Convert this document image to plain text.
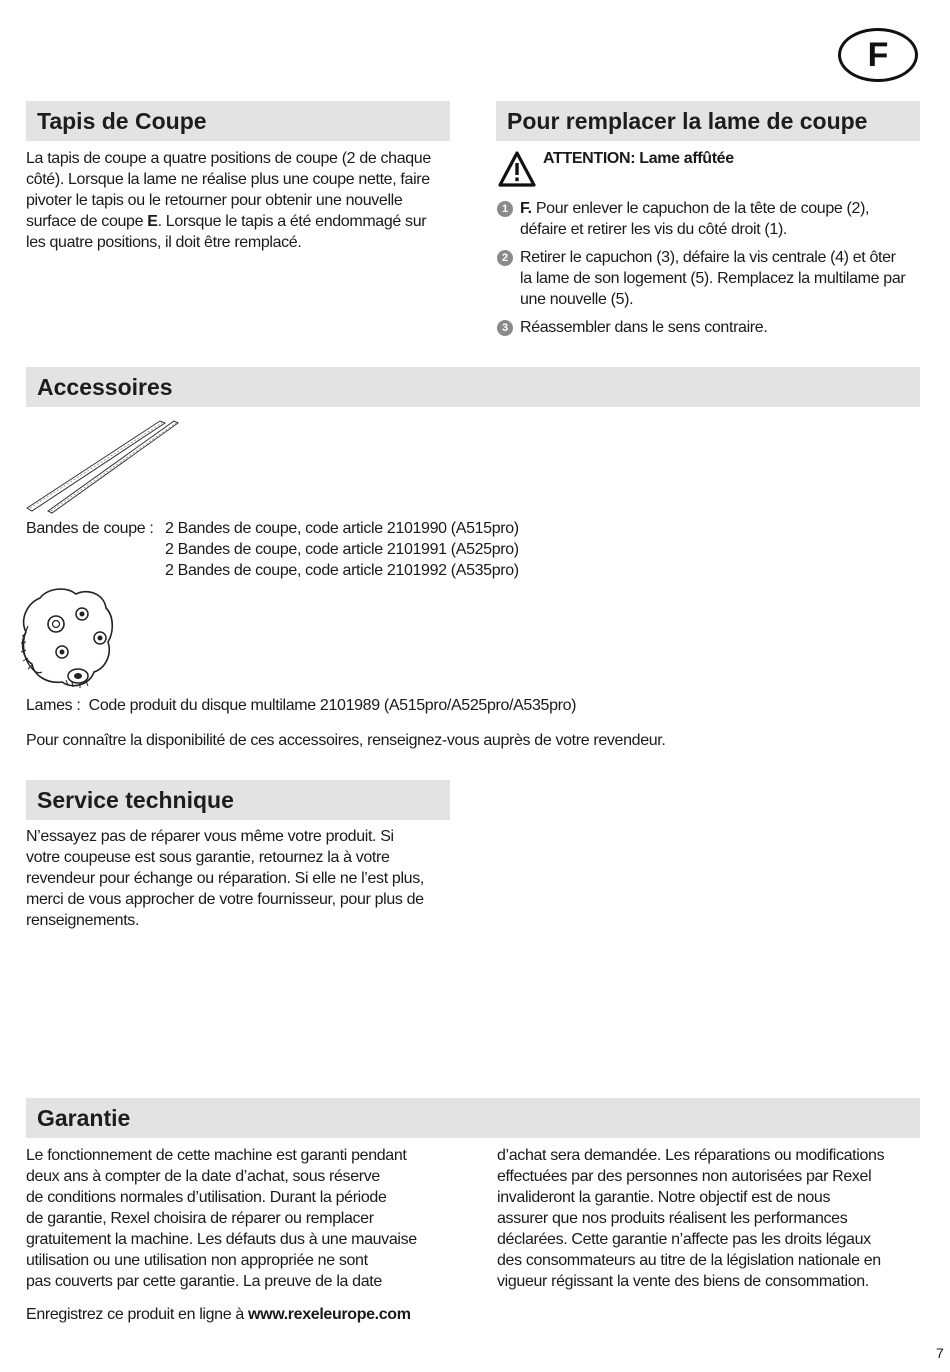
F
Tapis de Coupe
La tapis de coupe a quatre positions de coupe (2 de chaque
côté). Lorsque la lame ne réalise plus une coupe nette, faire
pivoter le tapis ou le retourner pour obtenir une nouvelle
surface de coupe E. Lorsque le tapis a été endommagé sur
les quatre positions, il doit être remplacé.
Pour remplacer la lame de coupe
ATTENTION: Lame affûtée
1 F. Pour enlever le capuchon de la tête de coupe (2),
défaire et retirer les vis du côté droit (1).
2 Retirer le capuchon (3), défaire la vis centrale (4) et ôter
la lame de son logement (5). Remplacez la multilame par
une nouvelle (5).
3 Réassembler dans le sens contraire.
Accessoires
Bandes de coupe : 2 Bandes de coupe, code article 2101990 (A515pro)
2 Bandes de coupe, code article 2101991 (A525pro)
2 Bandes de coupe, code article 2101992 (A535pro)
Lames : Code produit du disque multilame 2101989 (A515pro/A525pro/A535pro)
Pour connaître la disponibilité de ces accessoires, renseignez-vous auprès de votre revendeur.
Service technique
N’essayez pas de réparer vous même votre produit. Si
votre coupeuse est sous garantie, retournez la à votre
revendeur pour échange ou réparation. Si elle ne l’est plus,
merci de vous approcher de votre fournisseur, pour plus de
renseignements.
Garantie
Le fonctionnement de cette machine est garanti pendant
deux ans à compter de la date d’achat, sous réserve
de conditions normales d’utilisation. Durant la période
de garantie, Rexel choisira de réparer ou remplacer
gratuitement la machine. Les défauts dus à une mauvaise
utilisation ou une utilisation non appropriée ne sont
pas couverts par cette garantie. La preuve de la date
d’achat sera demandée. Les réparations ou modifications
effectuées par des personnes non autorisées par Rexel
invalideront la garantie. Notre objectif est de nous
assurer que nos produits réalisent les performances
déclarées. Cette garantie n’affecte pas les droits légaux
des consommateurs au titre de la législation nationale en
vigueur régissant la vente des biens de consommation.
Enregistrez ce produit en ligne à www.rexeleurope.com
7
